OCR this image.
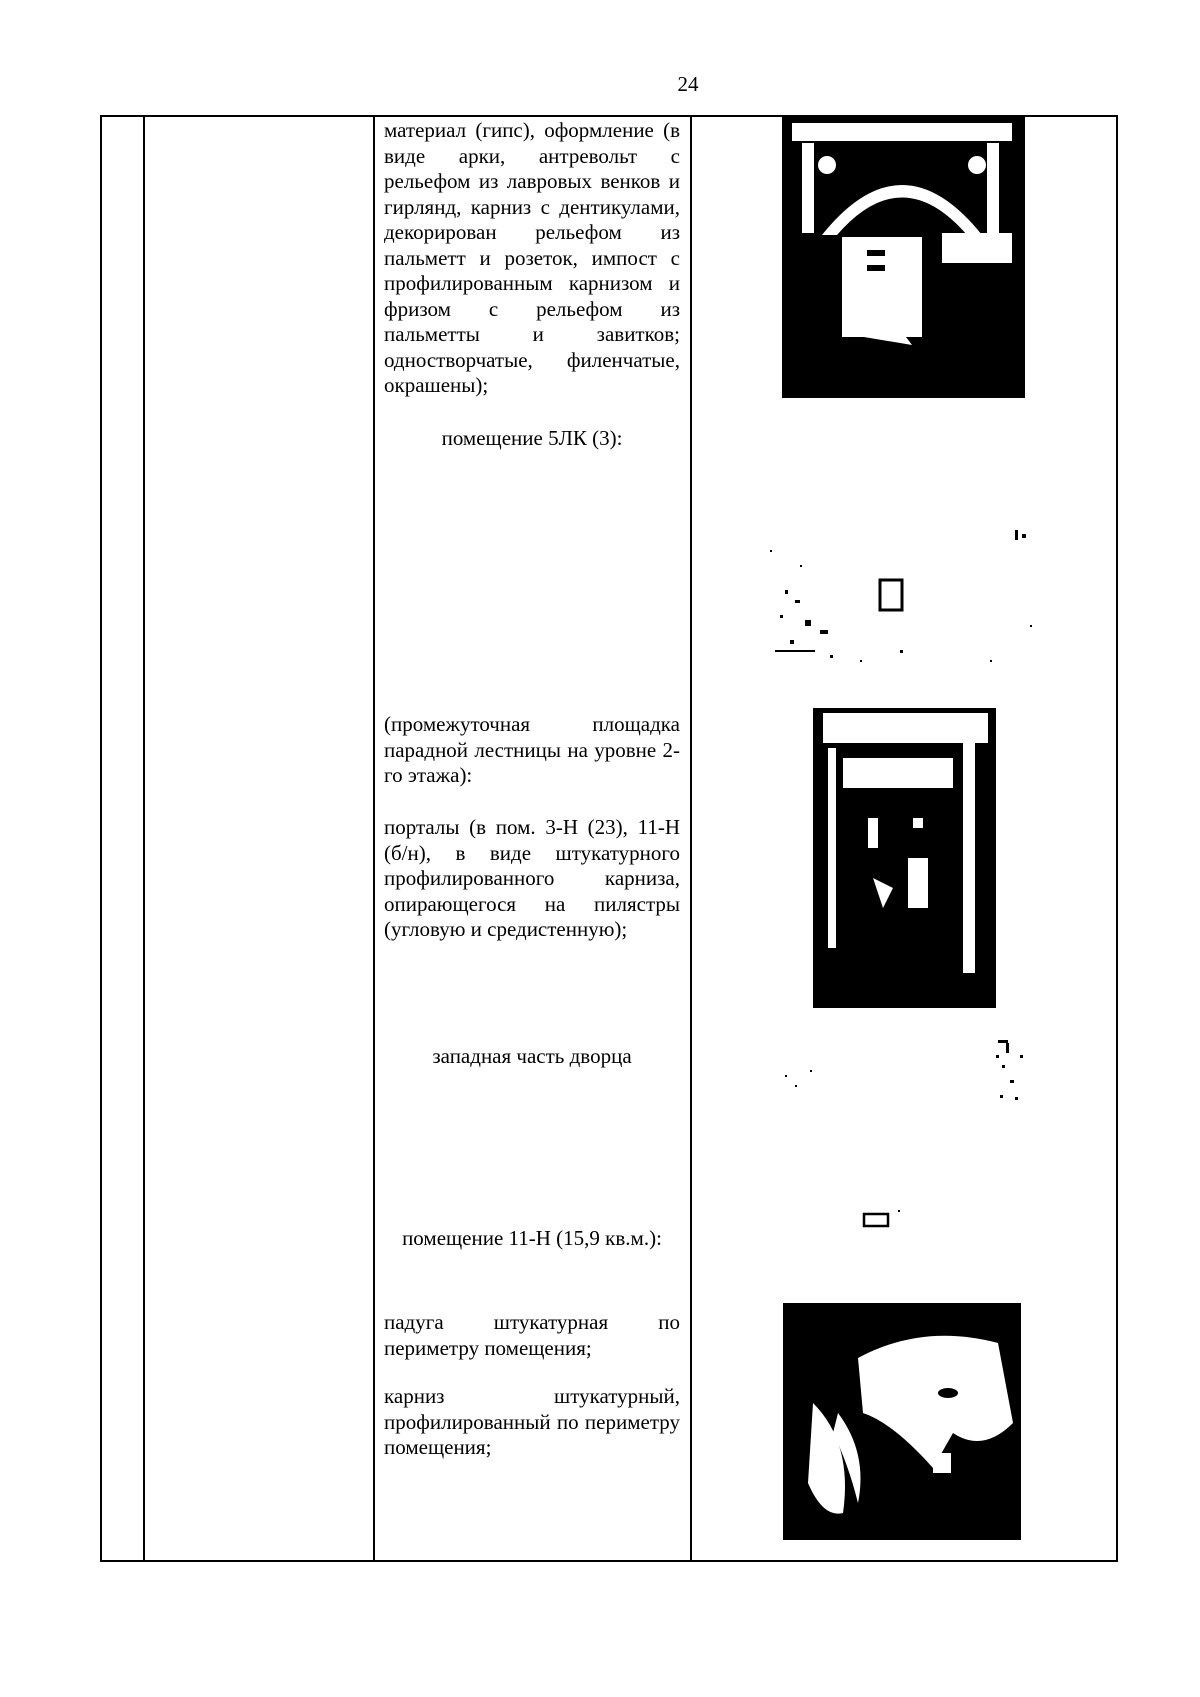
24
материал (гипс), оформление (в виде арки, антревольт с рельефом из лавровых венков и гирлянд, карниз с дентикулами, декорирован рельефом из пальметт и розеток, импост с профилированным карнизом и фризом с рельефом из пальметты и завитков; одностворчатые, филенчатые, окрашены);
помещение 5ЛК (3):
(промежуточная площадка парадной лестницы на уровне 2-го этажа):
порталы (в пом. 3-Н (23), 11-Н (б/н), в виде штукатурного профилированного карниза, опирающегося на пилястры (угловую и средистенную);
западная часть дворца
помещение 11-Н (15,9 кв.м.):
падуга штукатурная по периметру помещения;
карниз штукатурный, профилированный по периметру помещения;
